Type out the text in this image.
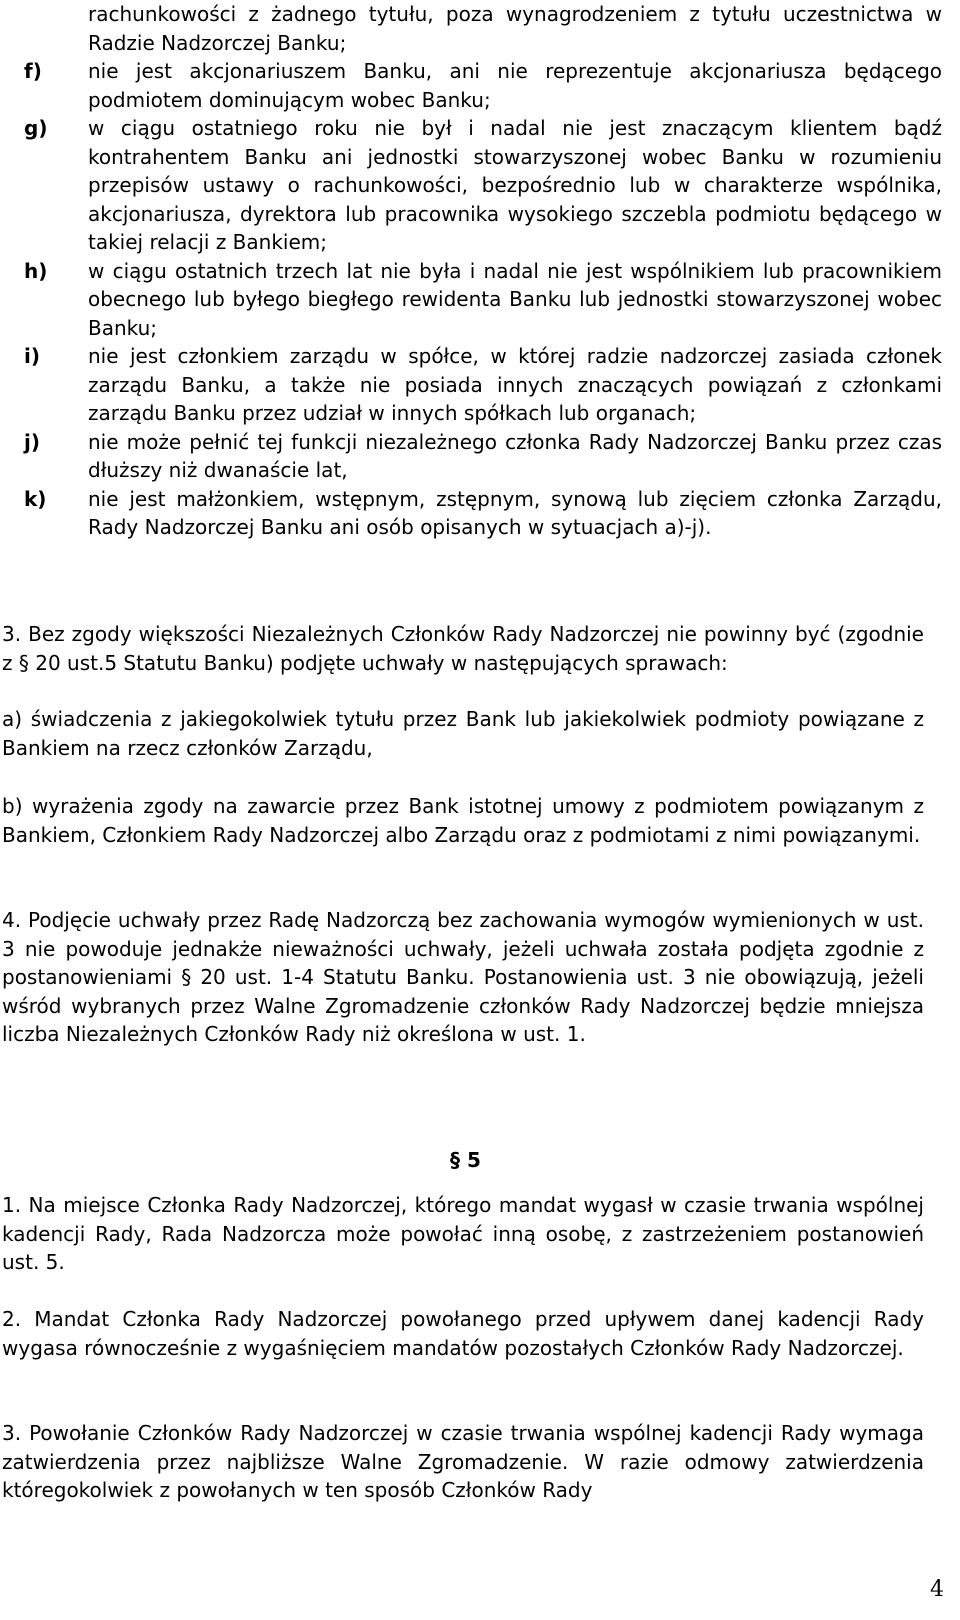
rachunkowości z żadnego tytułu, poza wynagrodzeniem z tytułu uczestnictwa w Radzie Nadzorczej Banku;
f)	nie jest akcjonariuszem Banku, ani nie reprezentuje akcjonariusza będącego podmiotem dominującym wobec Banku;
g)	w ciągu ostatniego roku nie był i nadal nie jest znaczącym klientem bądź kontrahentem Banku ani jednostki stowarzyszonej wobec Banku w rozumieniu przepisów ustawy o rachunkowości, bezpośrednio lub w charakterze wspólnika, akcjonariusza, dyrektora lub pracownika wysokiego szczebla podmiotu będącego w takiej relacji z Bankiem;
h)	w ciągu ostatnich trzech lat nie była i nadal nie jest wspólnikiem lub pracownikiem obecnego lub byłego biegłego rewidenta Banku lub jednostki stowarzyszonej wobec Banku;
i)	nie jest członkiem zarządu w spółce, w której radzie nadzorczej zasiada członek zarządu Banku, a także nie posiada innych znaczących powiązań z członkami zarządu Banku przez udział w innych spółkach lub organach;
j)	nie może pełnić tej funkcji niezależnego członka Rady Nadzorczej Banku przez czas dłuższy niż dwanaście lat,
k)	nie jest małżonkiem, wstępnym, zstępnym, synową lub zięciem członka Zarządu, Rady Nadzorczej Banku ani osób opisanych w sytuacjach a)-j).

3. Bez zgody większości Niezależnych Członków Rady Nadzorczej nie powinny być (zgodnie z § 20 ust.5 Statutu Banku) podjęte uchwały w następujących sprawach:

a) świadczenia z jakiegokolwiek tytułu przez Bank lub jakiekolwiek podmioty powiązane z Bankiem na rzecz członków Zarządu,

b) wyrażenia zgody na zawarcie przez Bank istotnej umowy z podmiotem powiązanym z Bankiem, Członkiem Rady Nadzorczej albo Zarządu oraz z podmiotami z nimi powiązanymi.

4. Podjęcie uchwały przez Radę Nadzorczą bez zachowania wymogów wymienionych w ust. 3 nie powoduje jednakże nieważności uchwały, jeżeli uchwała została podjęta zgodnie z postanowieniami § 20 ust. 1-4 Statutu Banku. Postanowienia ust. 3 nie obowiązują, jeżeli wśród wybranych przez Walne Zgromadzenie członków Rady Nadzorczej będzie mniejsza liczba Niezależnych Członków Rady niż określona w ust. 1.

§ 5

1. Na miejsce Członka Rady Nadzorczej, którego mandat wygasł w czasie trwania wspólnej kadencji Rady, Rada Nadzorcza może powołać inną osobę, z zastrzeżeniem postanowień ust. 5.

2. Mandat Członka Rady Nadzorczej powołanego przed upływem danej kadencji Rady wygasa równocześnie z wygaśnięciem mandatów pozostałych Członków Rady Nadzorczej.

3. Powołanie Członków Rady Nadzorczej w czasie trwania wspólnej kadencji Rady wymaga zatwierdzenia przez najbliższe Walne Zgromadzenie. W razie odmowy zatwierdzenia któregokolwiek z powołanych w ten sposób Członków Rady

4
